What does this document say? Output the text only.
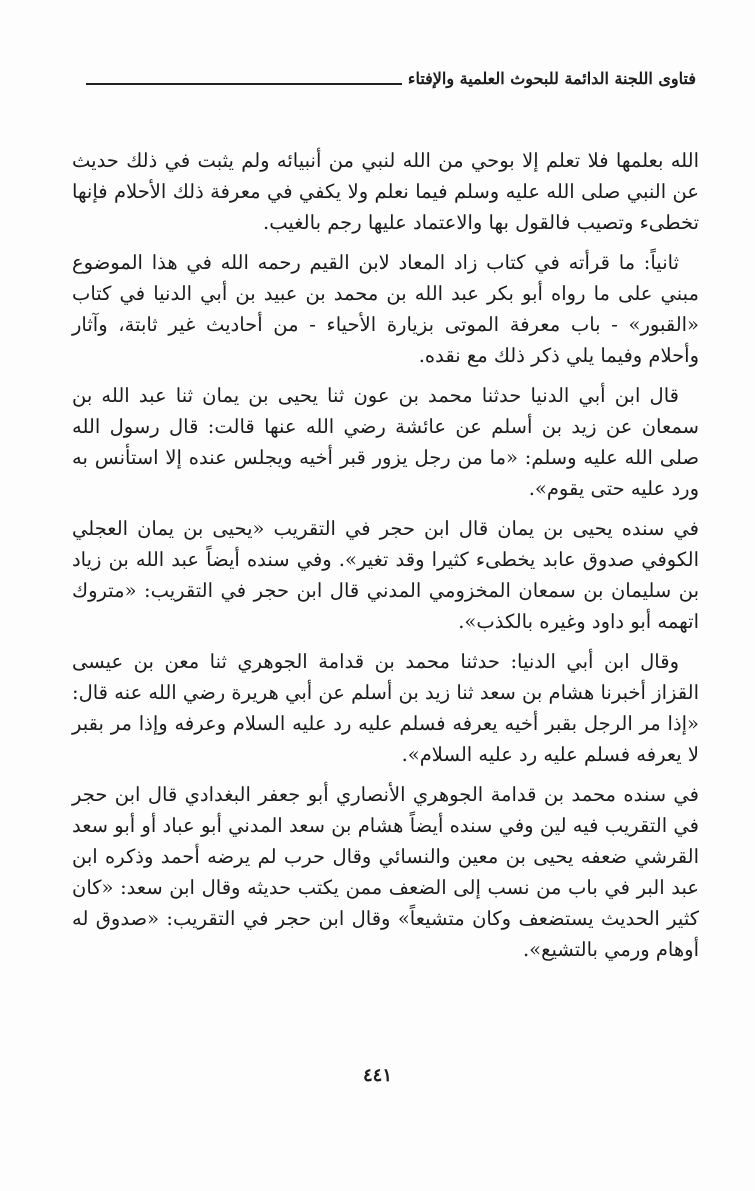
فتاوى اللجنة الدائمة للبحوث العلمية والإفتاء

الله بعلمها فلا تعلم إلا بوحي من الله لنبي من أنبيائه ولم يثبت في ذلك حديث عن النبي صلى الله عليه وسلم فيما نعلم ولا يكفي في معرفة ذلك الأحلام فإنها تخطىء وتصيب فالقول بها والاعتماد عليها رجم بالغيب.

ثانياً: ما قرأته في كتاب زاد المعاد لابن القيم رحمه الله في هذا الموضوع مبني على ما رواه أبو بكر عبد الله بن محمد بن عبيد بن أبي الدنيا في كتاب «القبور» - باب معرفة الموتى بزيارة الأحياء - من أحاديث غير ثابتة، وآثار وأحلام وفيما يلي ذكر ذلك مع نقده.

قال ابن أبي الدنيا حدثنا محمد بن عون ثنا يحيى بن يمان ثنا عبد الله بن سمعان عن زيد بن أسلم عن عائشة رضي الله عنها قالت: قال رسول الله صلى الله عليه وسلم: «ما من رجل يزور قبر أخيه ويجلس عنده إلا استأنس به ورد عليه حتى يقوم».

في سنده يحيى بن يمان قال ابن حجر في التقريب «يحيى بن يمان العجلي الكوفي صدوق عابد يخطىء كثيرا وقد تغير». وفي سنده أيضاً عبد الله بن زياد بن سليمان بن سمعان المخزومي المدني قال ابن حجر في التقريب: «متروك اتهمه أبو داود وغيره بالكذب».

وقال ابن أبي الدنيا: حدثنا محمد بن قدامة الجوهري ثنا معن بن عيسى القزاز أخبرنا هشام بن سعد ثنا زيد بن أسلم عن أبي هريرة رضي الله عنه قال: «إذا مر الرجل بقبر أخيه يعرفه فسلم عليه رد عليه السلام وعرفه وإذا مر بقبر لا يعرفه فسلم عليه رد عليه السلام».

في سنده محمد بن قدامة الجوهري الأنصاري أبو جعفر البغدادي قال ابن حجر في التقريب فيه لين وفي سنده أيضاً هشام بن سعد المدني أبو عباد أو أبو سعد القرشي ضعفه يحيى بن معين والنسائي وقال حرب لم يرضه أحمد وذكره ابن عبد البر في باب من نسب إلى الضعف ممن يكتب حديثه وقال ابن سعد: «كان كثير الحديث يستضعف وكان متشيعاً» وقال ابن حجر في التقريب: «صدوق له أوهام ورمي بالتشيع».

٤٤١
